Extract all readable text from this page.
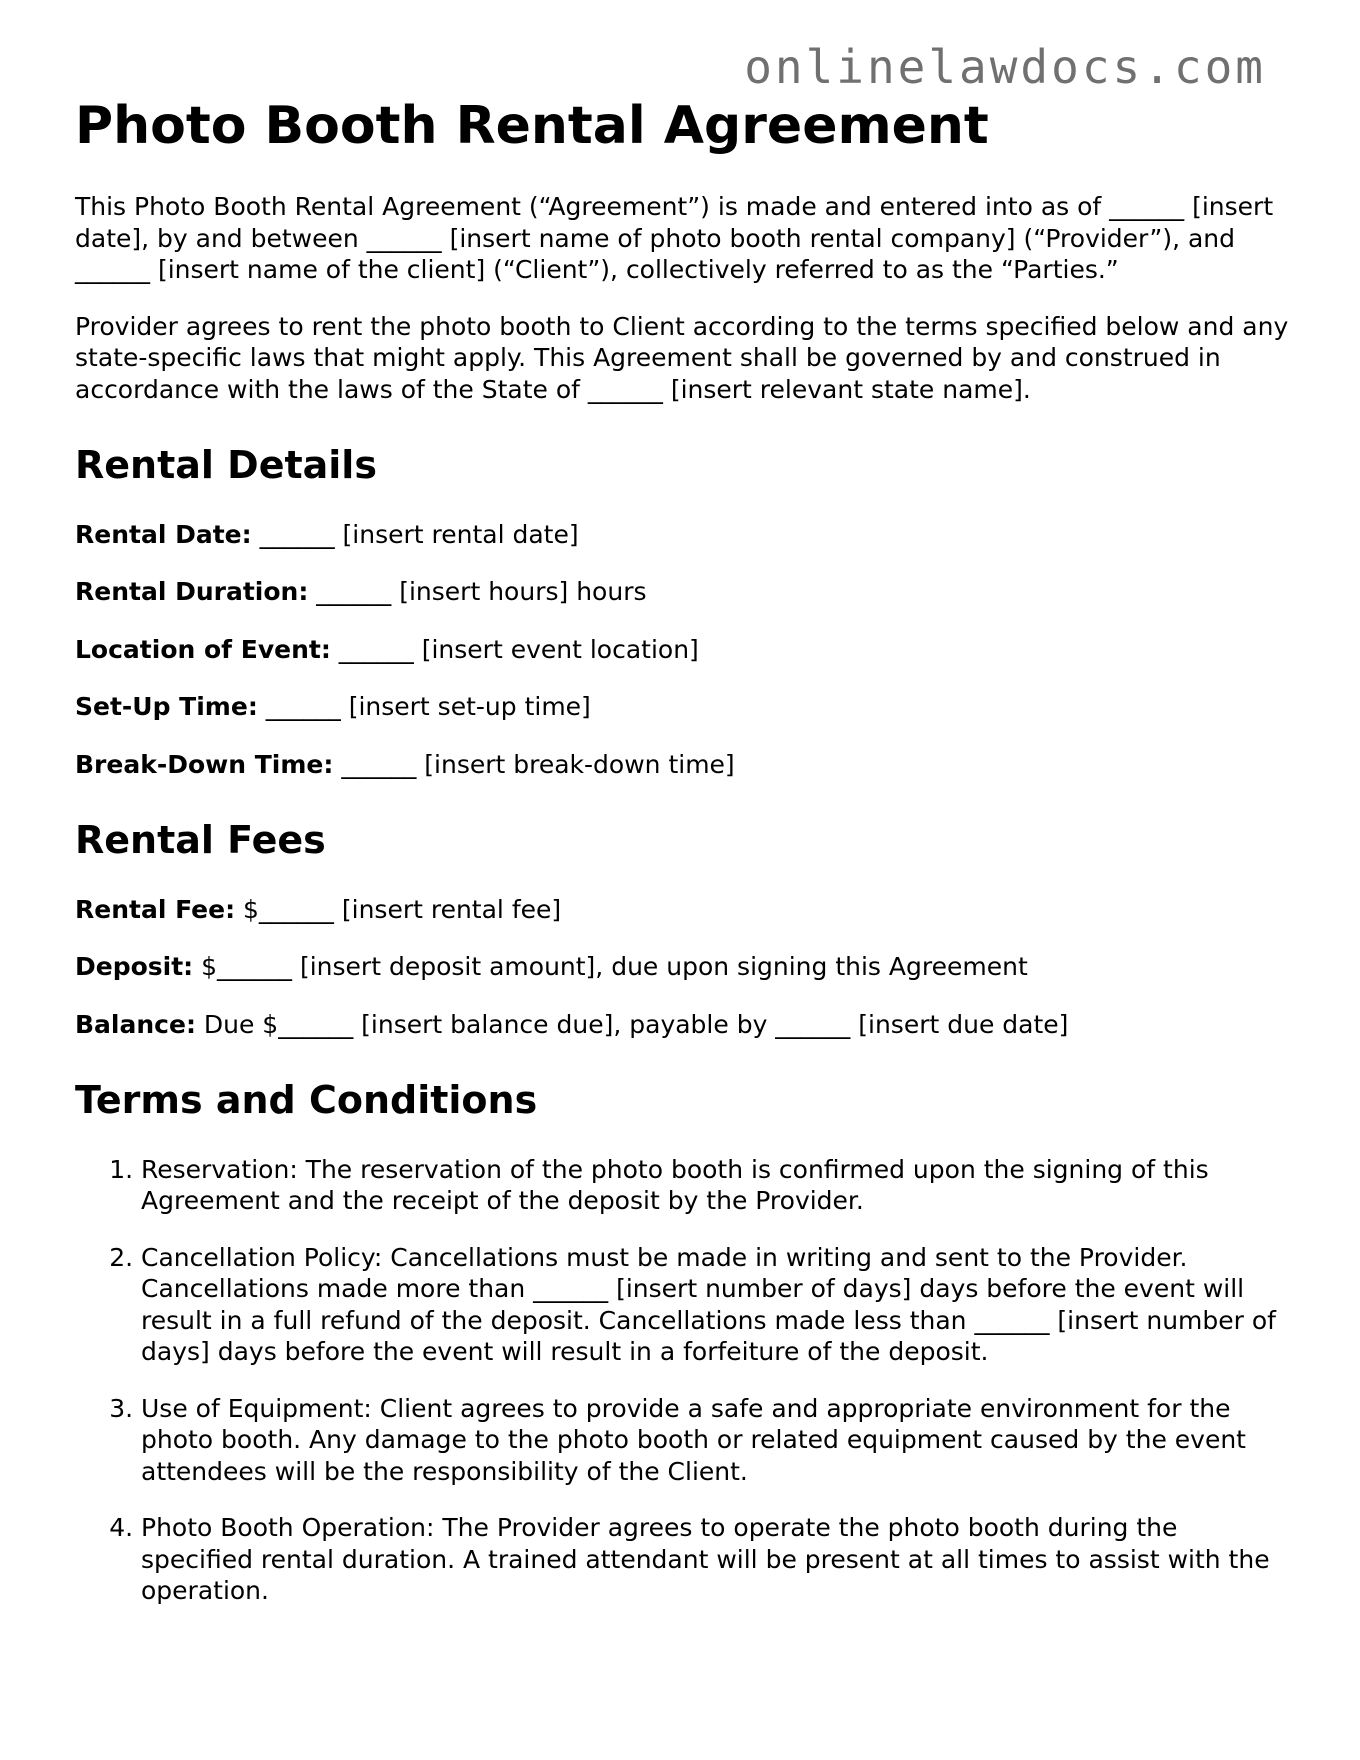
onlinelawdocs.com
Photo Booth Rental Agreement

This Photo Booth Rental Agreement (“Agreement”) is made and entered into as of ______ [insert date], by and between ______ [insert name of photo booth rental company] (“Provider”), and ______ [insert name of the client] (“Client”), collectively referred to as the “Parties.”

Provider agrees to rent the photo booth to Client according to the terms specified below and any state-specific laws that might apply. This Agreement shall be governed by and construed in accordance with the laws of the State of ______ [insert relevant state name].

Rental Details
Rental Date: ______ [insert rental date]
Rental Duration: ______ [insert hours] hours
Location of Event: ______ [insert event location]
Set-Up Time: ______ [insert set-up time]
Break-Down Time: ______ [insert break-down time]
Rental Fees
Rental Fee: $______ [insert rental fee]
Deposit: $______ [insert deposit amount], due upon signing this Agreement
Balance: Due $______ [insert balance due], payable by ______ [insert due date]
Terms and Conditions
1. Reservation: The reservation of the photo booth is confirmed upon the signing of this Agreement and the receipt of the deposit by the Provider.
2. Cancellation Policy: Cancellations must be made in writing and sent to the Provider. Cancellations made more than ______ [insert number of days] days before the event will result in a full refund of the deposit. Cancellations made less than ______ [insert number of days] days before the event will result in a forfeiture of the deposit.
3. Use of Equipment: Client agrees to provide a safe and appropriate environment for the photo booth. Any damage to the photo booth or related equipment caused by the event attendees will be the responsibility of the Client.
4. Photo Booth Operation: The Provider agrees to operate the photo booth during the specified rental duration. A trained attendant will be present at all times to assist with the operation.
